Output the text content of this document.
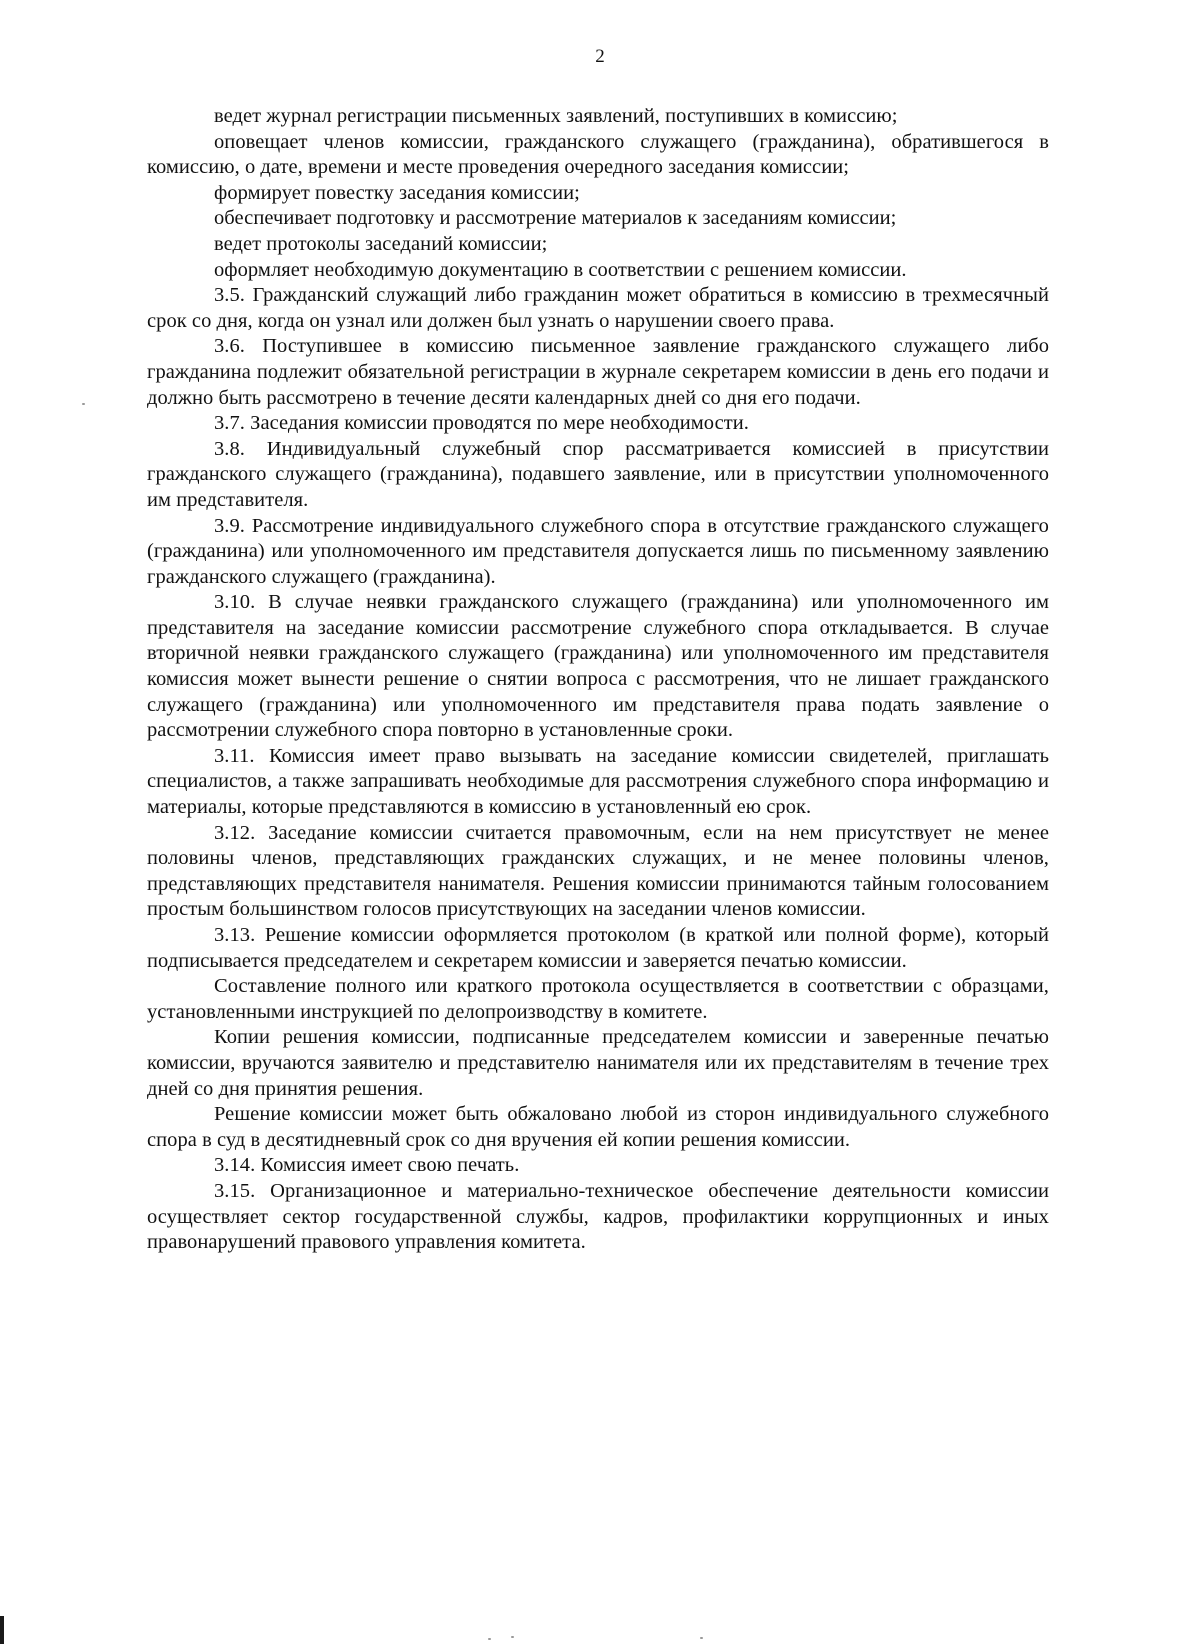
2

ведет журнал регистрации письменных заявлений, поступивших в комиссию;

оповещает членов комиссии, гражданского служащего (гражданина), обратившегося в комиссию, о дате, времени и месте проведения очередного заседания комиссии;

формирует повестку заседания комиссии;

обеспечивает подготовку и рассмотрение материалов к заседаниям комиссии;

ведет протоколы заседаний комиссии;

оформляет необходимую документацию в соответствии с решением комиссии.

3.5. Гражданский служащий либо гражданин может обратиться в комиссию в трехмесячный срок со дня, когда он узнал или должен был узнать о нарушении своего права.

3.6. Поступившее в комиссию письменное заявление гражданского служащего либо гражданина подлежит обязательной регистрации в журнале секретарем комиссии в день его подачи и должно быть рассмотрено в течение десяти календарных дней со дня его подачи.

3.7. Заседания комиссии проводятся по мере необходимости.

3.8. Индивидуальный служебный спор рассматривается комиссией в присутствии гражданского служащего (гражданина), подавшего заявление, или в присутствии уполномоченного им представителя.

3.9. Рассмотрение индивидуального служебного спора в отсутствие гражданского служащего (гражданина) или уполномоченного им представителя допускается лишь по письменному заявлению гражданского служащего (гражданина).

3.10. В случае неявки гражданского служащего (гражданина) или уполномоченного им представителя на заседание комиссии рассмотрение служебного спора откладывается. В случае вторичной неявки гражданского служащего (гражданина) или уполномоченного им представителя комиссия может вынести решение о снятии вопроса с рассмотрения, что не лишает гражданского служащего (гражданина) или уполномоченного им представителя права подать заявление о рассмотрении служебного спора повторно в установленные сроки.

3.11. Комиссия имеет право вызывать на заседание комиссии свидетелей, приглашать специалистов, а также запрашивать необходимые для рассмотрения служебного спора информацию и материалы, которые представляются в комиссию в установленный ею срок.

3.12. Заседание комиссии считается правомочным, если на нем присутствует не менее половины членов, представляющих гражданских служащих, и не менее половины членов, представляющих представителя нанимателя. Решения комиссии принимаются тайным голосованием простым большинством голосов присутствующих на заседании членов комиссии.

3.13. Решение комиссии оформляется протоколом (в краткой или полной форме), который подписывается председателем и секретарем комиссии и заверяется печатью комиссии.

Составление полного или краткого протокола осуществляется в соответствии с образцами, установленными инструкцией по делопроизводству в комитете.

Копии решения комиссии, подписанные председателем комиссии и заверенные печатью комиссии, вручаются заявителю и представителю нанимателя или их представителям в течение трех дней со дня принятия решения.

Решение комиссии может быть обжаловано любой из сторон индивидуального служебного спора в суд в десятидневный срок со дня вручения ей копии решения комиссии.

3.14. Комиссия имеет свою печать.

3.15. Организационное и материально-техническое обеспечение деятельности комиссии осуществляет сектор государственной службы, кадров, профилактики коррупционных и иных правонарушений правового управления комитета.
